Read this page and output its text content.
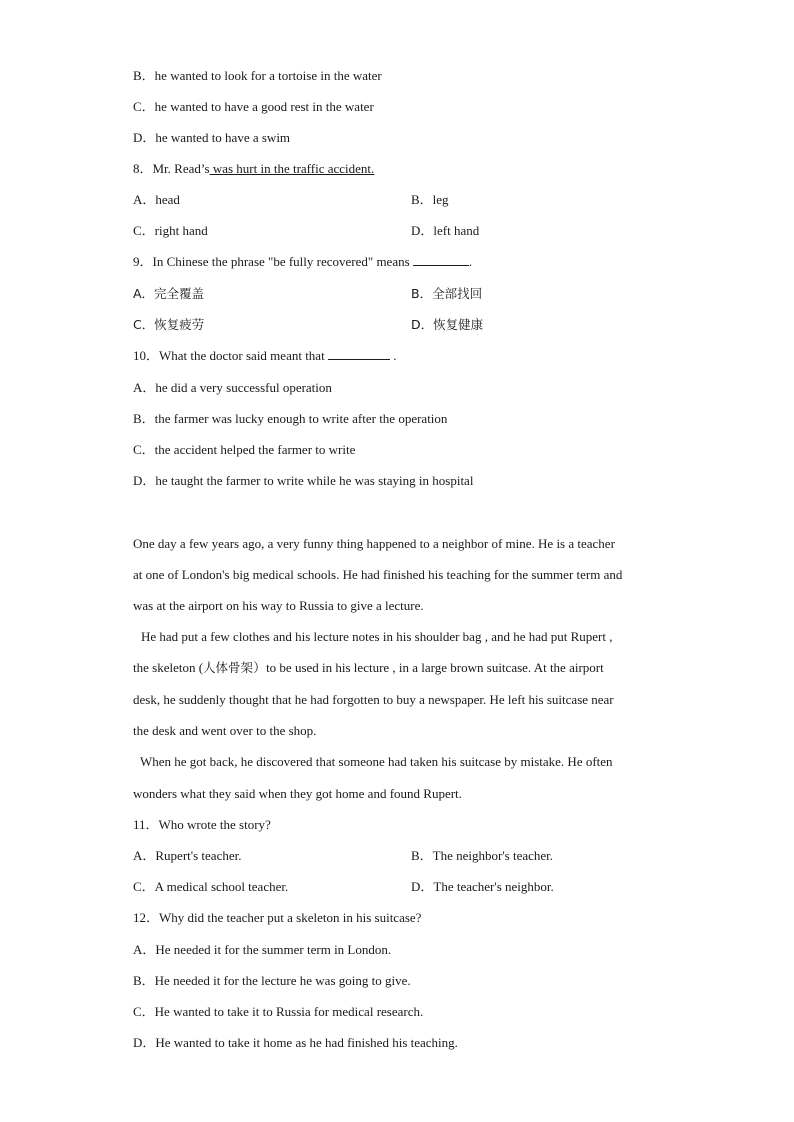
B．he wanted to look for a tortoise in the water
C．he wanted to have a good rest in the water
D．he wanted to have a swim
8．Mr. Read’s was hurt in the traffic accident.
A．head	B．leg
C．right hand	D．left hand
9．In Chinese the phrase "be fully recovered" means	.
A．完全覆盖	B．全部找回
C．恢复疲劳	D．恢复健康
10．What the doctor said meant that	.
A．he did a very successful operation
B．the farmer was lucky enough to write after the operation
C．the accident helped the farmer to write
D．he taught the farmer to write while he was staying in hospital
One day a few years ago, a very funny thing happened to a neighbor of mine. He is a teacher
at one of London's big medical schools. He had finished his teaching for the summer term and
was at the airport on his way to Russia to give a lecture.
He had put a few clothes and his lecture notes in his shoulder bag , and he had put Rupert ,
the skeleton (人体骨架）to be used in his lecture , in a large brown suitcase. At the airport
desk, he suddenly thought that he had forgotten to buy a newspaper. He left his suitcase near
the desk and went over to the shop.
When he got back, he discovered that someone had taken his suitcase by mistake. He often
wonders what they said when they got home and found Rupert.
11．Who wrote the story?
A．Rupert's teacher.	B．The neighbor's teacher.
C．A medical school teacher.	D．The teacher's neighbor.
12．Why did the teacher put a skeleton in his suitcase?
A．He needed it for the summer term in London.
B．He needed it for the lecture he was going to give.
C．He wanted to take it to Russia for medical research.
D．He wanted to take it home as he had finished his teaching.
